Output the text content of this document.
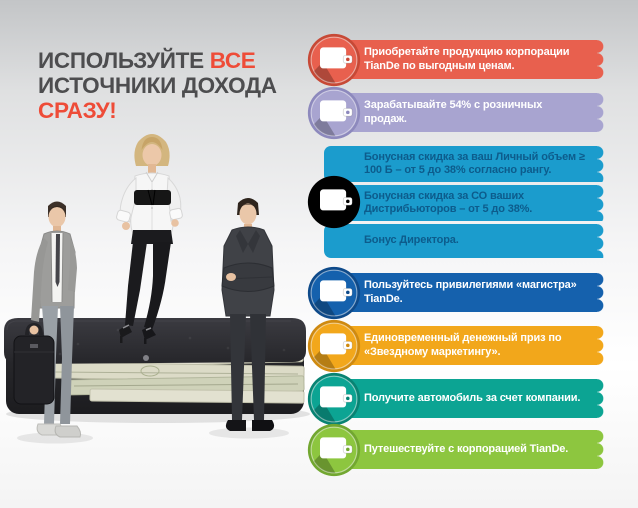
ИСПОЛЬЗУЙТЕ ВСЕ
ИСТОЧНИКИ ДОХОДА
СРАЗУ!
Приобретайте продукцию корпорации TianDe по выгодным ценам.
Зарабатывайте 54% с розничных продаж.
Бонусная скидка за ваш Личный объем ≥ 100 Б – от 5 до 38% согласно рангу.
Бонусная скидка за СО ваших Дистрибьюторов – от 5 до 38%.
Бонус Директора.
Пользуйтесь привилегиями «магистра» TianDe.
Единовременный денежный приз по «Звездному маркетингу».
Получите автомобиль за счет компании.
Путешествуйте с корпорацией TianDe.
